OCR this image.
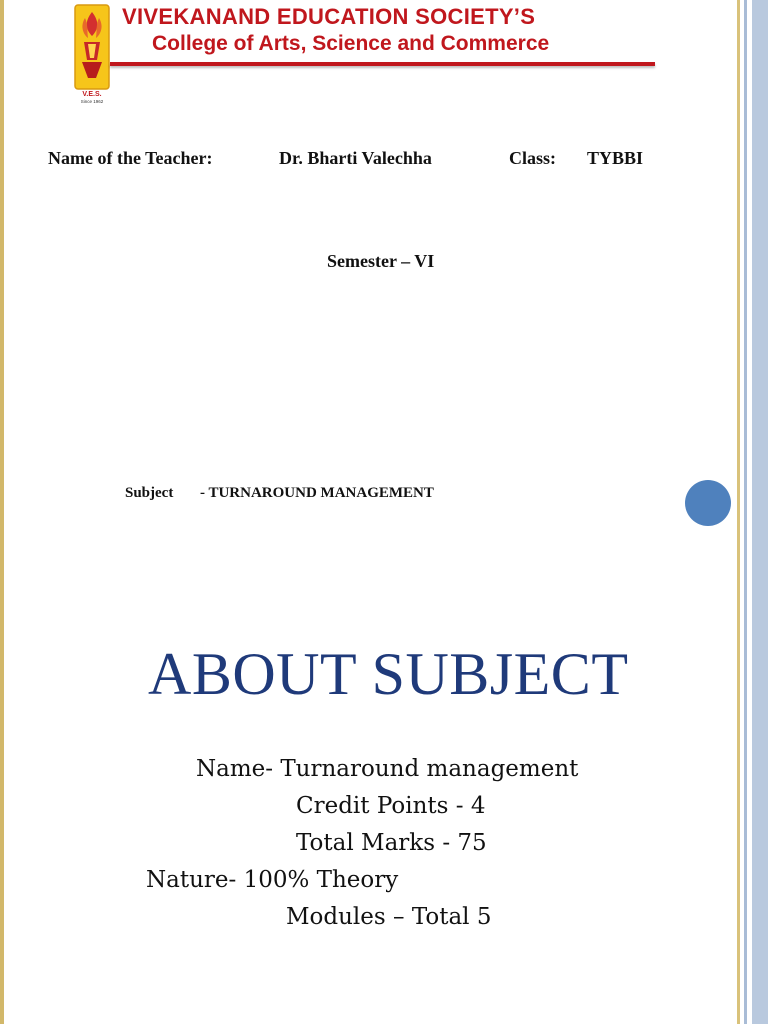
V.E.S.
Since 1962
VIVEKANAND EDUCATION SOCIETY’S
College of Arts, Science and Commerce
Name of the Teacher:	Dr. Bharti Valechha	Class: TYBBI
Semester – VI
Subject - TURNAROUND MANAGEMENT
ABOUT SUBJECT
Name- Turnaround management
Credit Points - 4
Total Marks - 75
Nature- 100% Theory
Modules – Total 5
